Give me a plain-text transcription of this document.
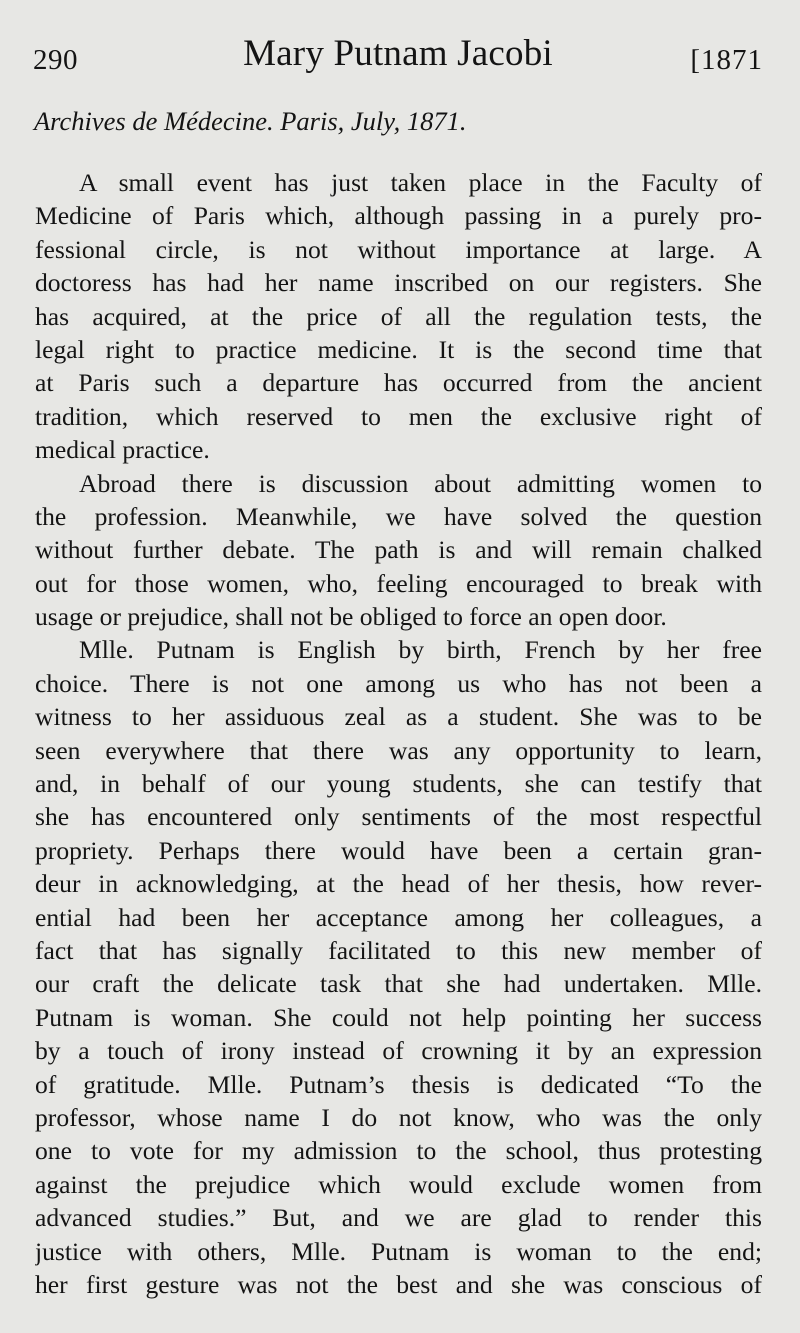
290	Mary Putnam Jacobi	[1871
Archives de Médecine. Paris, July, 1871.
A small event has just taken place in the Faculty of
Medicine of Paris which, although passing in a purely pro-
fessional circle, is not without importance at large. A
doctoress has had her name inscribed on our registers. She
has acquired, at the price of all the regulation tests, the
legal right to practice medicine. It is the second time that
at Paris such a departure has occurred from the ancient
tradition, which reserved to men the exclusive right of
medical practice.
Abroad there is discussion about admitting women to
the profession. Meanwhile, we have solved the question
without further debate. The path is and will remain chalked
out for those women, who, feeling encouraged to break with
usage or prejudice, shall not be obliged to force an open door.
Mlle. Putnam is English by birth, French by her free
choice. There is not one among us who has not been a
witness to her assiduous zeal as a student. She was to be
seen everywhere that there was any opportunity to learn,
and, in behalf of our young students, she can testify that
she has encountered only sentiments of the most respectful
propriety. Perhaps there would have been a certain gran-
deur in acknowledging, at the head of her thesis, how rever-
ential had been her acceptance among her colleagues, a
fact that has signally facilitated to this new member of
our craft the delicate task that she had undertaken. Mlle.
Putnam is woman. She could not help pointing her success
by a touch of irony instead of crowning it by an expression
of gratitude. Mlle. Putnam’s thesis is dedicated “To the
professor, whose name I do not know, who was the only
one to vote for my admission to the school, thus protesting
against the prejudice which would exclude women from
advanced studies.” But, and we are glad to render this
justice with others, Mlle. Putnam is woman to the end;
her first gesture was not the best and she was conscious of
